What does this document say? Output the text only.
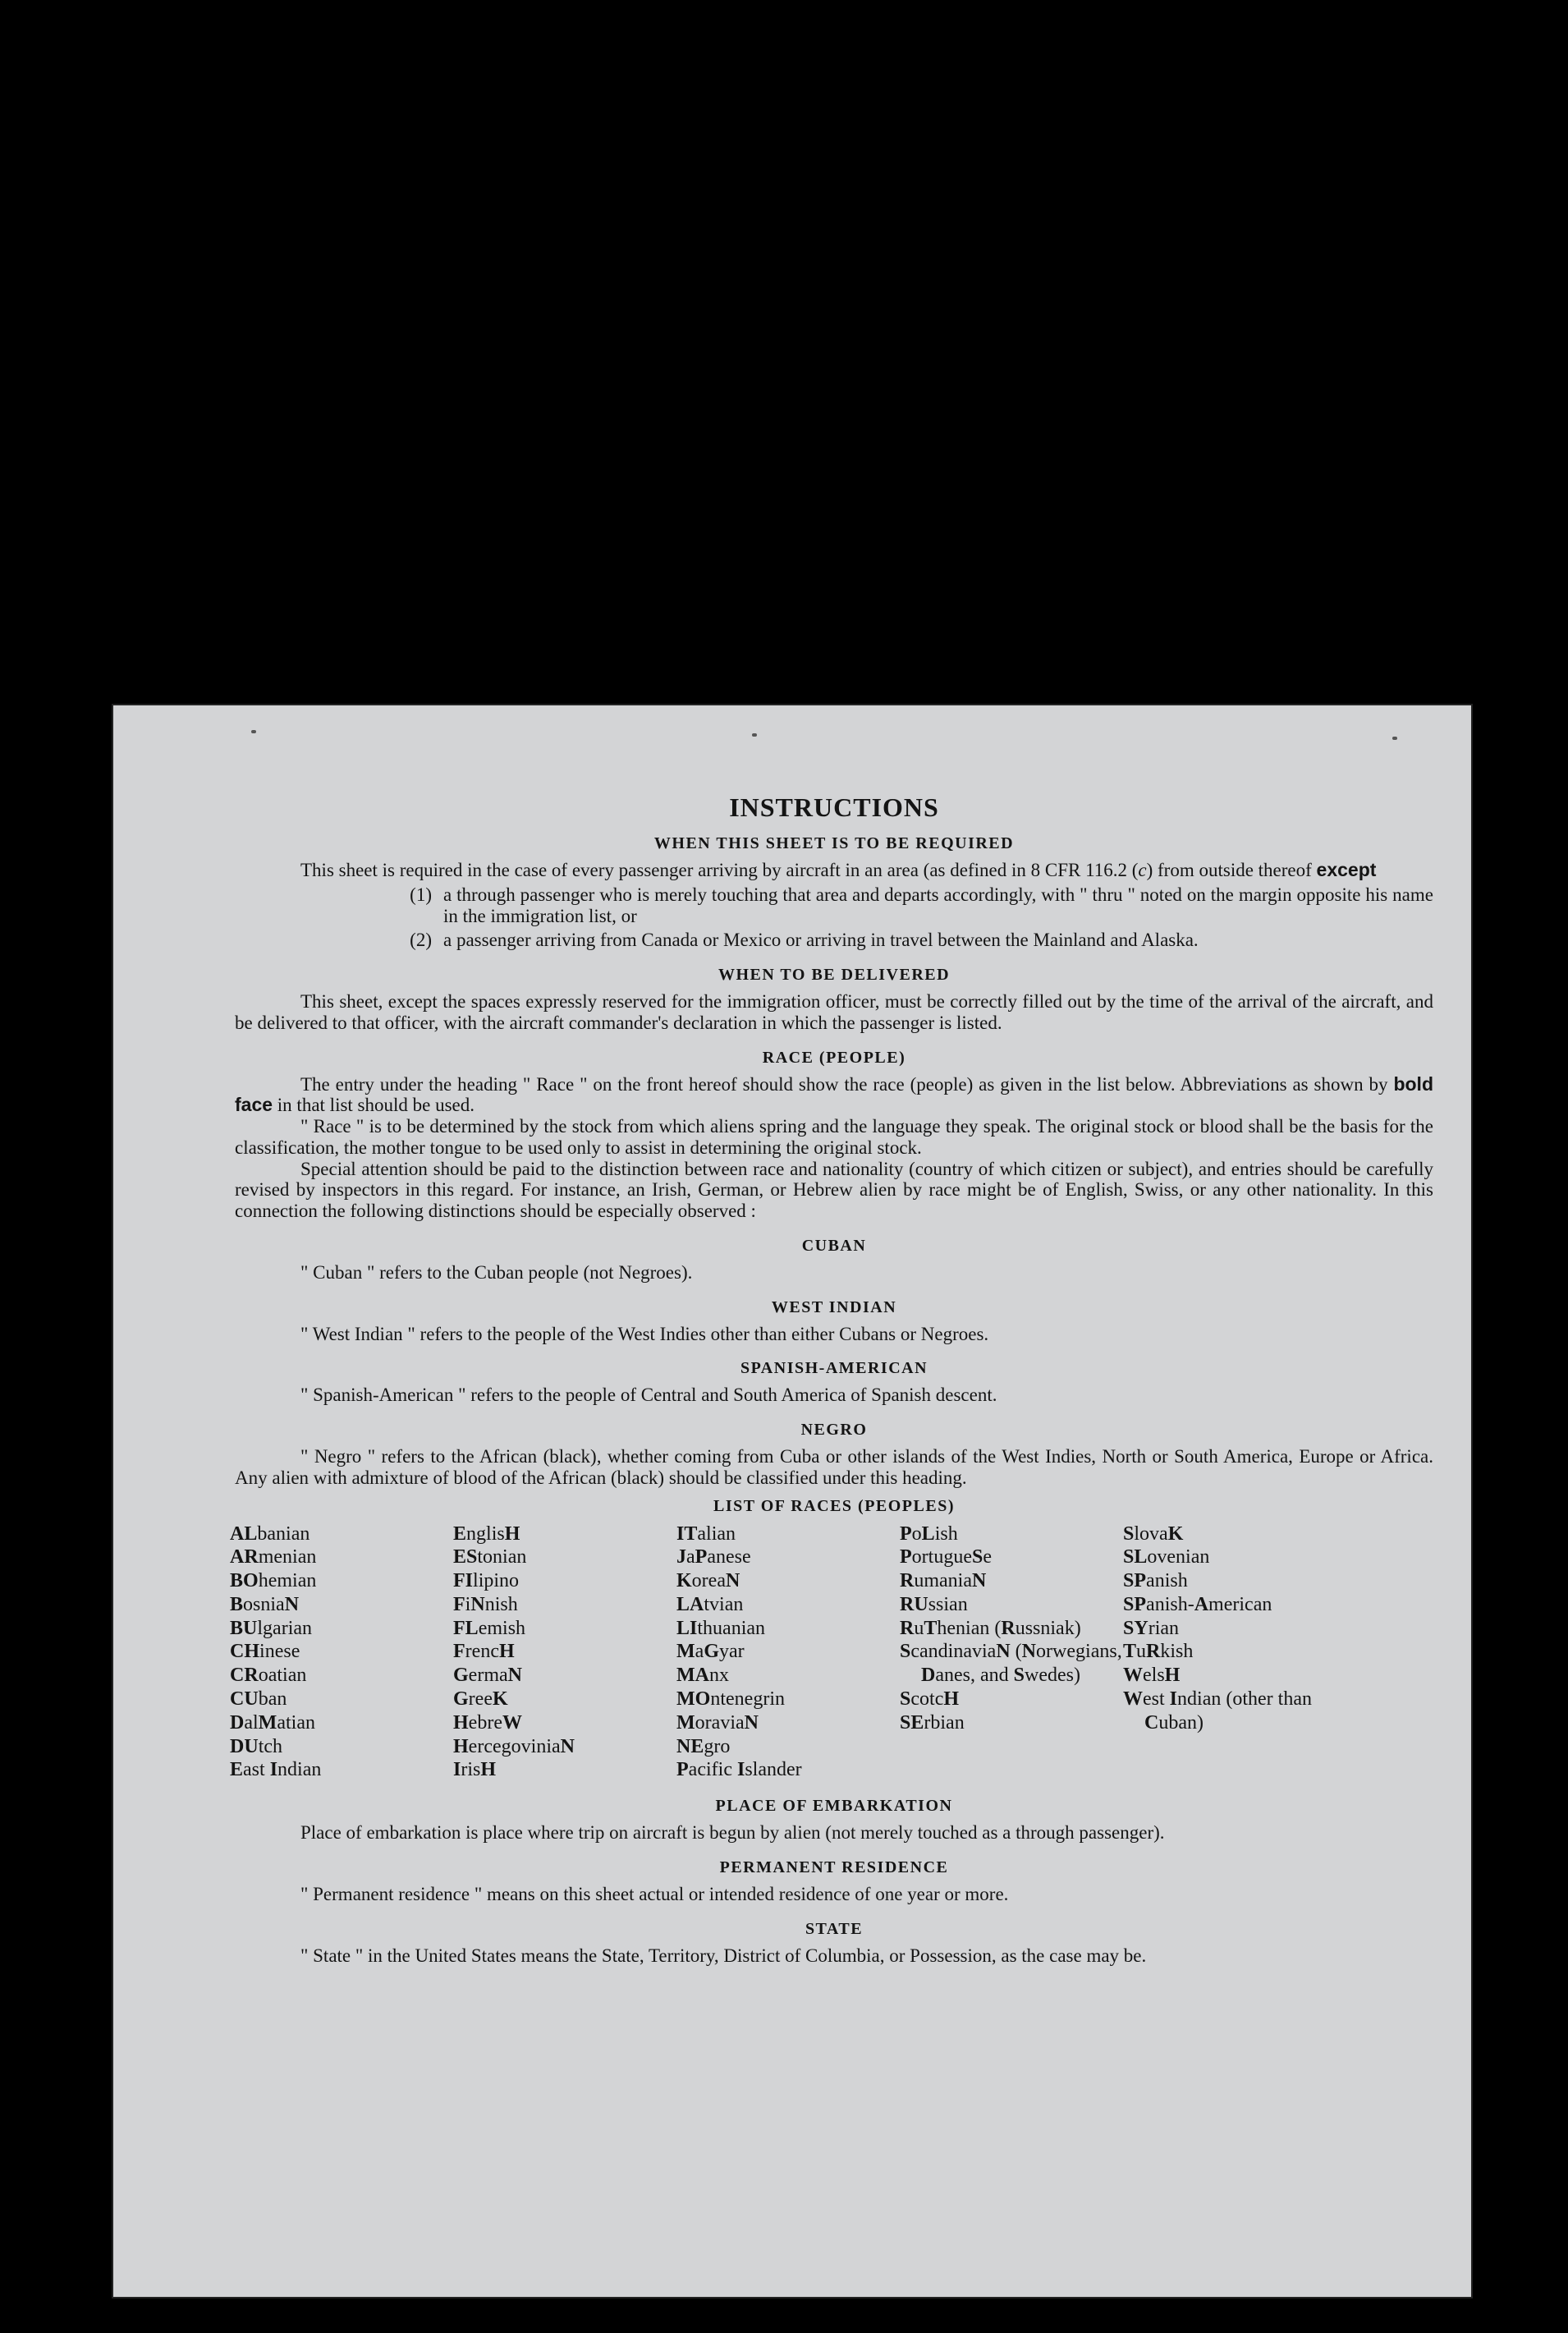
INSTRUCTIONS
WHEN THIS SHEET IS TO BE REQUIRED

This sheet is required in the case of every passenger arriving by aircraft in an area (as defined in 8 CFR 116.2 (c) from outside thereof except

(1) a through passenger who is merely touching that area and departs accordingly, with " thru " noted on the margin opposite his name in the immigration list, or
(2) a passenger arriving from Canada or Mexico or arriving in travel between the Mainland and Alaska.
WHEN TO BE DELIVERED

This sheet, except the spaces expressly reserved for the immigration officer, must be correctly filled out by the time of the arrival of the aircraft, and be delivered to that officer, with the aircraft commander's declaration in which the passenger is listed.

RACE (PEOPLE)

The entry under the heading " Race " on the front hereof should show the race (people) as given in the list below. Abbreviations as shown by bold face in that list should be used.

" Race " is to be determined by the stock from which aliens spring and the language they speak. The original stock or blood shall be the basis for the classification, the mother tongue to be used only to assist in determining the original stock.

Special attention should be paid to the distinction between race and nationality (country of which citizen or subject), and entries should be carefully revised by inspectors in this regard. For instance, an Irish, German, or Hebrew alien by race might be of English, Swiss, or any other nationality. In this connection the following distinctions should be especially observed :

CUBAN

" Cuban " refers to the Cuban people (not Negroes).

WEST INDIAN

" West Indian " refers to the people of the West Indies other than either Cubans or Negroes.

SPANISH-AMERICAN

" Spanish-American " refers to the people of Central and South America of Spanish descent.

NEGRO

" Negro " refers to the African (black), whether coming from Cuba or other islands of the West Indies, North or South America, Europe or Africa. Any alien with admixture of blood of the African (black) should be classified under this heading.

LIST OF RACES (PEOPLES)
ALbanian
ARmenian
BOhemian
BosniaN
BUlgarian
CHinese
CRoatian
CUban
DalMatian
DUtch
East Indian
EnglisH
EStonian
FIlipino
FiNnish
FLemish
FrencH
GermaN
GreeK
HebreW
HercegoviniaN
IrisH
ITalian
JaPanese
KoreaN
LAtvian
LIthuanian
MaGyar
MAnx
MOntenegrin
MoraviaN
NEgro
Pacific Islander
PoLish
PortugueSe
RumaniaN
RUssian
RuThenian (Russniak)
ScandinaviaN (Norwegians, Danes, and Swedes)
ScotcH
SErbian
SlovaK
SLovenian
SPanish
SPanish-American
SYrian
TuRkish
WelsH
West Indian (other than Cuban)
PLACE OF EMBARKATION

Place of embarkation is place where trip on aircraft is begun by alien (not merely touched as a through passenger).

PERMANENT RESIDENCE

" Permanent residence " means on this sheet actual or intended residence of one year or more.

STATE

" State " in the United States means the State, Territory, District of Columbia, or Possession, as the case may be.
